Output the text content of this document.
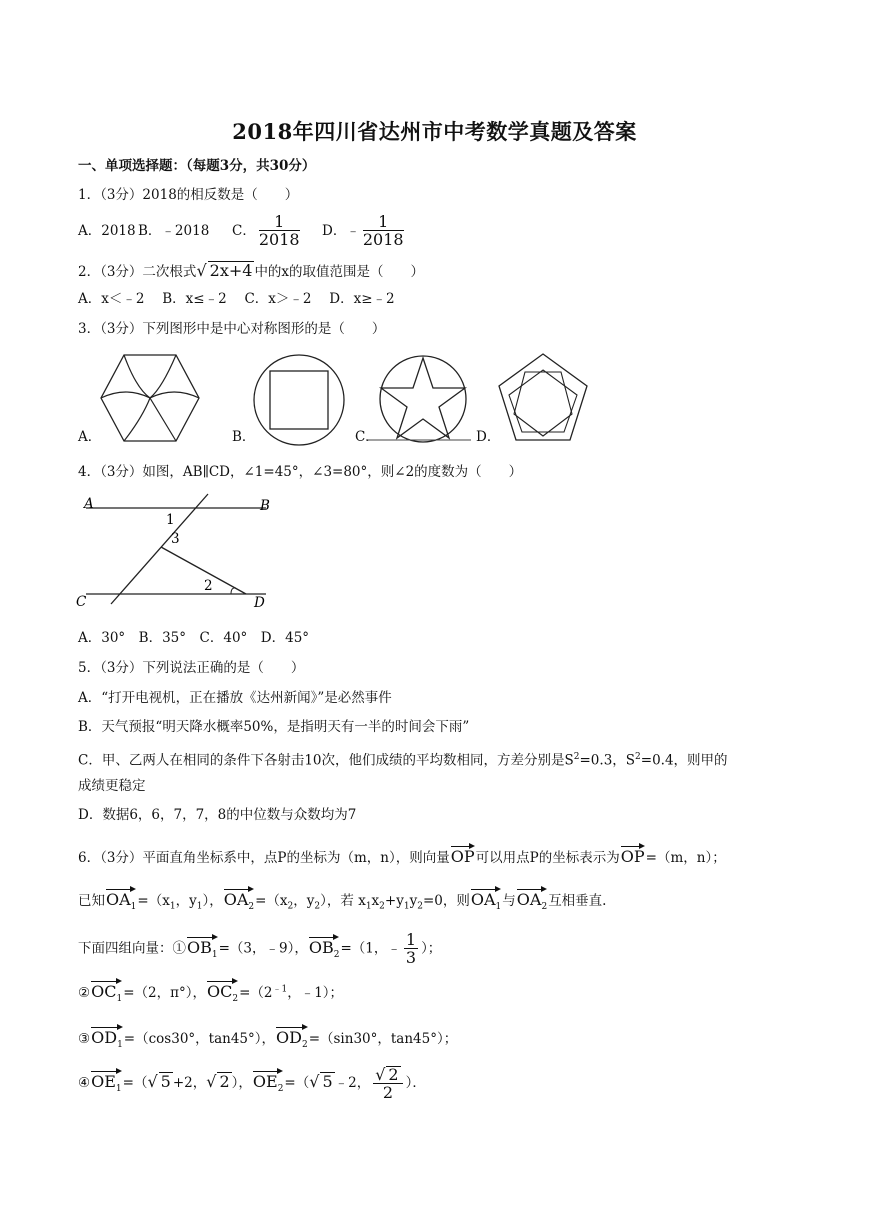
2018年四川省达州市中考数学真题及答案
一、单项选择题：（每题3分，共30分）
1．（3分）2018的相反数是（　　）
A．2018 B．﹣2018 C． $\frac{1}{2018}$ D．﹣ $\frac{1}{2018}$
2．（3分）二次根式√ 2x+4 中的x的取值范围是（　　）
A．x＜﹣2　 B．x≤﹣2　 C．x＞﹣2　 D．x≥﹣2
3．（3分）下列图形中是中心对称图形的是（　　）
A．	B．	C．	D．
4．（3分）如图，AB∥CD，∠1=45°，∠3=80°，则∠2的度数为（　　）
A	B
C	D
1
3
2
A．30°　B．35°　C．40°　D．45°
5．（3分）下列说法正确的是（　　）
A．“打开电视机，正在播放《达州新闻》”是必然事件
B．天气预报“明天降水概率50%，是指明天有一半的时间会下雨”
C．甲、乙两人在相同的条件下各射击10次，他们成绩的平均数相同，方差分别是$S^2=0.3$，$S^2=0.4$，则甲的
成绩更稳定
D．数据6，6，7，7，8的中位数与众数均为7
6．（3分）平面直角坐标系中，点P的坐标为（m，n），则向量OP可以用点P的坐标表示为OP=（m，n）；
已知$OA_1=(x_1$，$y_1$），$OA_2=(x_2$，$y_2$），若 $x_1x_2+y_1y_2=0$，则$OA_1$与$OA_2$互相垂直.
下面四组向量：$①OB_1=(3$，﹣9），$OB_2=(1$，﹣ $\frac{1}{3}$ ）；
$②OC_1=(2$，π°），$OC_2=(2^{﹣1}$，﹣1）；
$③OD_1=(\cos 30^\circ$，tan45°），$OD_2=(\sin 30^\circ$，tan45°）；
$④OE_1=(√$ 5 +2，√ 2 ），$OE_2=(√$ 5 ﹣2， $\frac{√ 2}{2}$ ）．
